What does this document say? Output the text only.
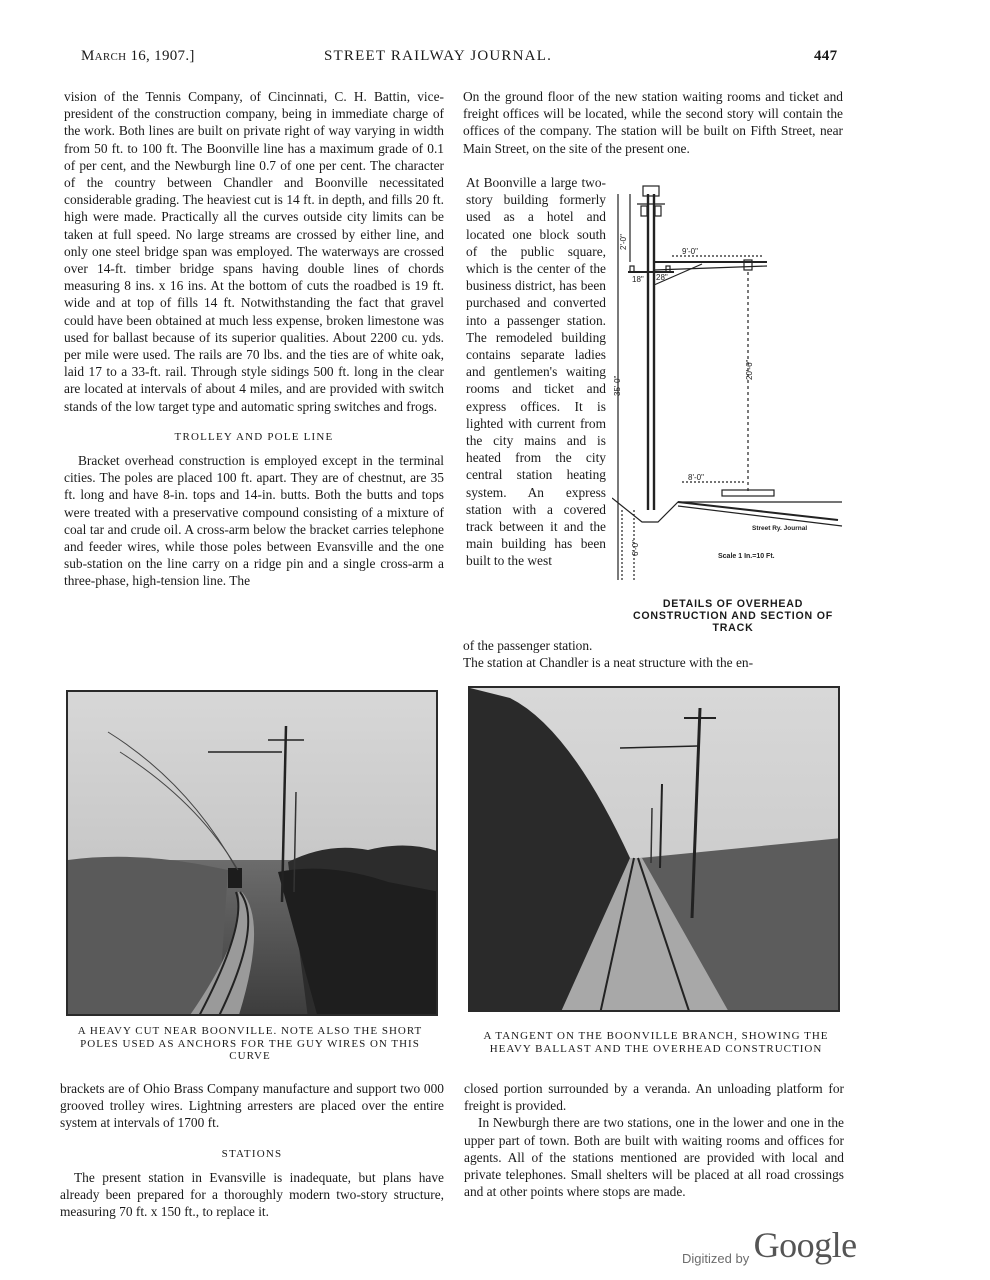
March 16, 1907.]	STREET RAILWAY JOURNAL.	447

vision of the Tennis Company, of Cincinnati, C. H. Battin, vice-president of the construction company, being in immediate charge of the work. Both lines are built on private right of way varying in width from 50 ft. to 100 ft. The Boonville line has a maximum grade of 0.1 of per cent, and the Newburgh line 0.7 of one per cent. The character of the country between Chandler and Boonville necessitated considerable grading. The heaviest cut is 14 ft. in depth, and fills 20 ft. high were made. Practically all the curves outside city limits can be taken at full speed. No large streams are crossed by either line, and only one steel bridge span was employed. The waterways are crossed over 14-ft. timber bridge spans having double lines of chords measuring 8 ins. x 16 ins. At the bottom of cuts the roadbed is 19 ft. wide and at top of fills 14 ft. Notwithstanding the fact that gravel could have been obtained at much less expense, broken limestone was used for ballast because of its superior qualities. About 2200 cu. yds. per mile were used. The rails are 70 lbs. and the ties are of white oak, laid 17 to a 33-ft. rail. Through style sidings 500 ft. long in the clear are located at intervals of about 4 miles, and are provided with switch stands of the low target type and automatic spring switches and frogs.

TROLLEY AND POLE LINE

Bracket overhead construction is employed except in the terminal cities. The poles are placed 100 ft. apart. They are of chestnut, are 35 ft. long and have 8-in. tops and 14-in. butts. Both the butts and tops were treated with a preservative compound consisting of a mixture of coal tar and crude oil. A cross-arm below the bracket carries telephone and feeder wires, while those poles between Evansville and the one sub-station on the line carry on a ridge pin and a single cross-arm a three-phase, high-tension line. The

On the ground floor of the new station waiting rooms and ticket and freight offices will be located, while the second story will contain the offices of the company. The station will be built on Fifth Street, near Main Street, on the site of the present one.

At Boonville a large two-story building formerly used as a hotel and located one block south of the public square, which is the center of the business district, has been purchased and converted into a passenger station. The remodeled building contains separate ladies and gentlemen's waiting rooms and ticket and express offices. It is lighted with current from the city mains and is heated from the city central station heating system. An express station with a covered track between it and the main building has been built to the west

of the passenger station.

The station at Chandler is a neat structure with the en-

9'-0"
35'-0"
20'-6"
8'-0"
6'-0"
2'-0"
28"
18"
Street Ry. Journal
Scale 1 In.=10 Ft.
DETAILS OF OVERHEAD CONSTRUCTION AND SECTION OF TRACK
A HEAVY CUT NEAR BOONVILLE. NOTE ALSO THE SHORT POLES USED AS ANCHORS FOR THE GUY WIRES ON THIS CURVE
A TANGENT ON THE BOONVILLE BRANCH, SHOWING THE HEAVY BALLAST AND THE OVERHEAD CONSTRUCTION

brackets are of Ohio Brass Company manufacture and support two 000 grooved trolley wires. Lightning arresters are placed over the entire system at intervals of 1700 ft.

STATIONS

The present station in Evansville is inadequate, but plans have already been prepared for a thoroughly modern two-story structure, measuring 70 ft. x 150 ft., to replace it.

closed portion surrounded by a veranda. An unloading platform for freight is provided.

In Newburgh there are two stations, one in the lower and one in the upper part of town. Both are built with waiting rooms and offices for agents. All of the stations mentioned are provided with local and private telephones. Small shelters will be placed at all road crossings and at other points where stops are made.

Digitized by Google
